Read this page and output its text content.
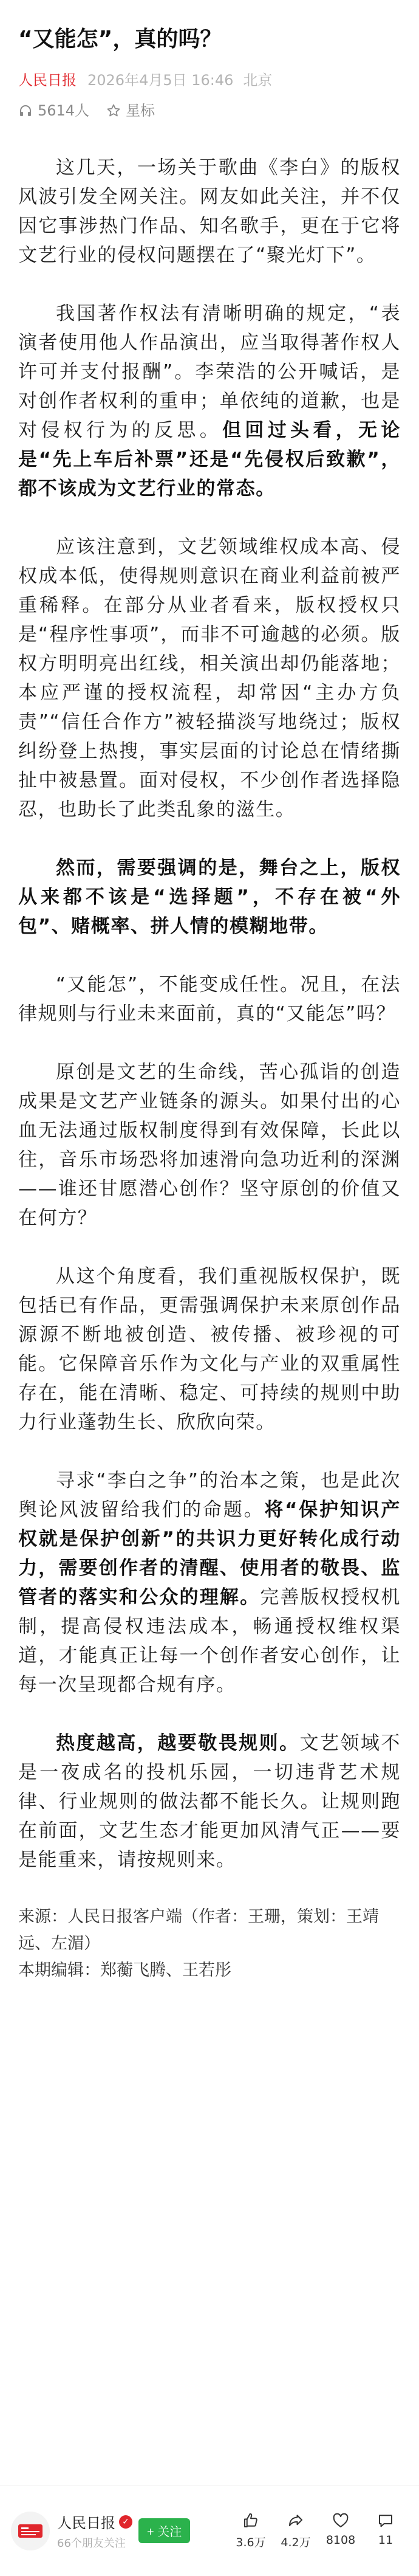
“又能怎”，真的吗？
人民日报 2026年4月5日 16:46 北京
5614人	星标

这几天，一场关于歌曲《李白》的版权风波引发全网关注。网友如此关注，并不仅因它事涉热门作品、知名歌手，更在于它将文艺行业的侵权问题摆在了“聚光灯下”。

我国著作权法有清晰明确的规定，“表演者使用他人作品演出，应当取得著作权人许可并支付报酬”。李荣浩的公开喊话，是对创作者权利的重申；单依纯的道歉，也是对侵权行为的反思。但回过头看，无论是“先上车后补票”还是“先侵权后致歉”，都不该成为文艺行业的常态。

应该注意到，文艺领域维权成本高、侵权成本低，使得规则意识在商业利益前被严重稀释。在部分从业者看来，版权授权只是“程序性事项”，而非不可逾越的必须。版权方明明亮出红线，相关演出却仍能落地；本应严谨的授权流程，却常因“主办方负责”“信任合作方”被轻描淡写地绕过；版权纠纷登上热搜，事实层面的讨论总在情绪撕扯中被悬置。面对侵权，不少创作者选择隐忍，也助长了此类乱象的滋生。

然而，需要强调的是，舞台之上，版权从来都不该是“选择题”，不存在被“外包”、赌概率、拼人情的模糊地带。

“又能怎”，不能变成任性。况且，在法律规则与行业未来面前，真的“又能怎”吗？

原创是文艺的生命线，苦心孤诣的创造成果是文艺产业链条的源头。如果付出的心血无法通过版权制度得到有效保障，长此以往，音乐市场恐将加速滑向急功近利的深渊——谁还甘愿潜心创作？坚守原创的价值又在何方？

从这个角度看，我们重视版权保护，既包括已有作品，更需强调保护未来原创作品源源不断地被创造、被传播、被珍视的可能。它保障音乐作为文化与产业的双重属性存在，能在清晰、稳定、可持续的规则中助力行业蓬勃生长、欣欣向荣。

寻求“李白之争”的治本之策，也是此次舆论风波留给我们的命题。将“保护知识产权就是保护创新”的共识力更好转化成行动力，需要创作者的清醒、使用者的敬畏、监管者的落实和公众的理解。完善版权授权机制，提高侵权违法成本，畅通授权维权渠道，才能真正让每一个创作者安心创作，让每一次呈现都合规有序。

热度越高，越要敬畏规则。文艺领域不是一夜成名的投机乐园，一切违背艺术规律、行业规则的做法都不能长久。让规则跑在前面，文艺生态才能更加风清气正——要是能重来，请按规则来。

来源：人民日报客户端（作者：王珊，策划：王靖远、左湄）
本期编辑：郑蘅飞腾、王若彤
人民日报 ✓
66个朋友关注
+ 关注
3.6万 4.2万 8108 11
